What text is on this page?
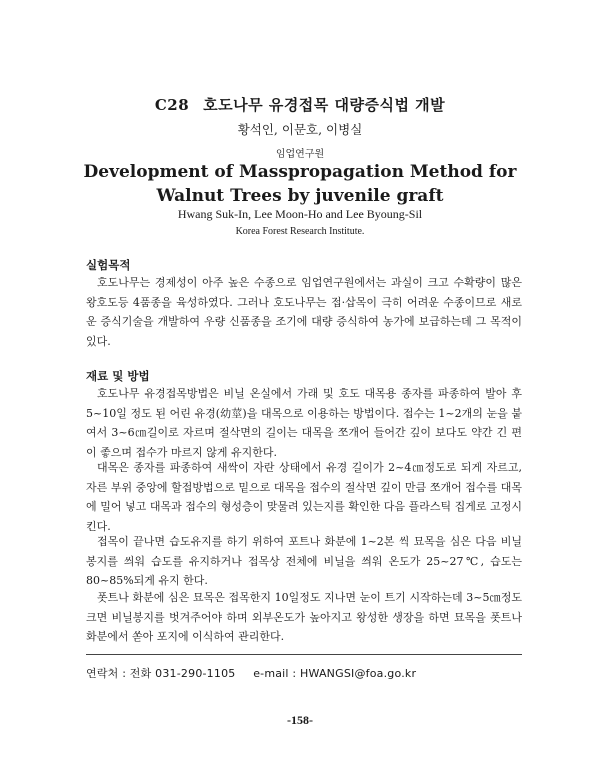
C28 호도나무 유경접목 대량증식법 개발
황석인, 이문호, 이병실
임업연구원
Development of Masspropagation Method for
Walnut Trees by juvenile graft
Hwang Suk-In, Lee Moon-Ho and Lee Byoung-Sil
Korea Forest Research Institute.
실험목적
호도나무는 경제성이 아주 높은 수종으로 임업연구원에서는 과실이 크고 수확량이 많은 왕호도등 4품종을 육성하였다. 그러나 호도나무는 접·삽목이 극히 어려운 수종이므로 새로운 증식기술을 개발하여 우량 신품종을 조기에 대량 증식하여 농가에 보급하는데 그 목적이 있다.
재료 및 방법
호도나무 유경접목방법은 비닐 온실에서 가래 및 호도 대목용 종자를 파종하여 발아 후 5~10일 정도 된 어린 유경(幼莖)을 대목으로 이용하는 방법이다. 접수는 1~2개의 눈을 붙여서 3~6㎝길이로 자르며 절삭면의 길이는 대목을 쪼개어 들어간 깊이 보다도 약간 긴 편이 좋으며 접수가 마르지 않게 유지한다.
대목은 종자를 파종하여 새싹이 자란 상태에서 유경 길이가 2~4㎝정도로 되게 자르고, 자른 부위 중앙에 할접방법으로 밑으로 대목을 접수의 절삭면 깊이 만큼 쪼개어 접수를 대목에 밀어 넣고 대목과 접수의 형성층이 맞물려 있는지를 확인한 다음 플라스틱 집게로 고정시킨다.
접목이 끝나면 습도유지를 하기 위하여 포트나 화분에 1~2본 씩 묘목을 심은 다음 비닐봉지를 씌워 습도를 유지하거나 접목상 전체에 비닐을 씌워 온도가 25~27℃, 습도는 80~85%되게 유지 한다.
폿트나 화분에 심은 묘목은 접목한지 10일정도 지나면 눈이 트기 시작하는데 3~5㎝정도 크면 비닐봉지를 벗겨주어야 하며 외부온도가 높아지고 왕성한 생장을 하면 묘목을 폿트나 화분에서 쏟아 포지에 이식하여 관리한다.
연락처 : 전화 031-290-1105 e-mail : HWANGSI@foa.go.kr
-158-
